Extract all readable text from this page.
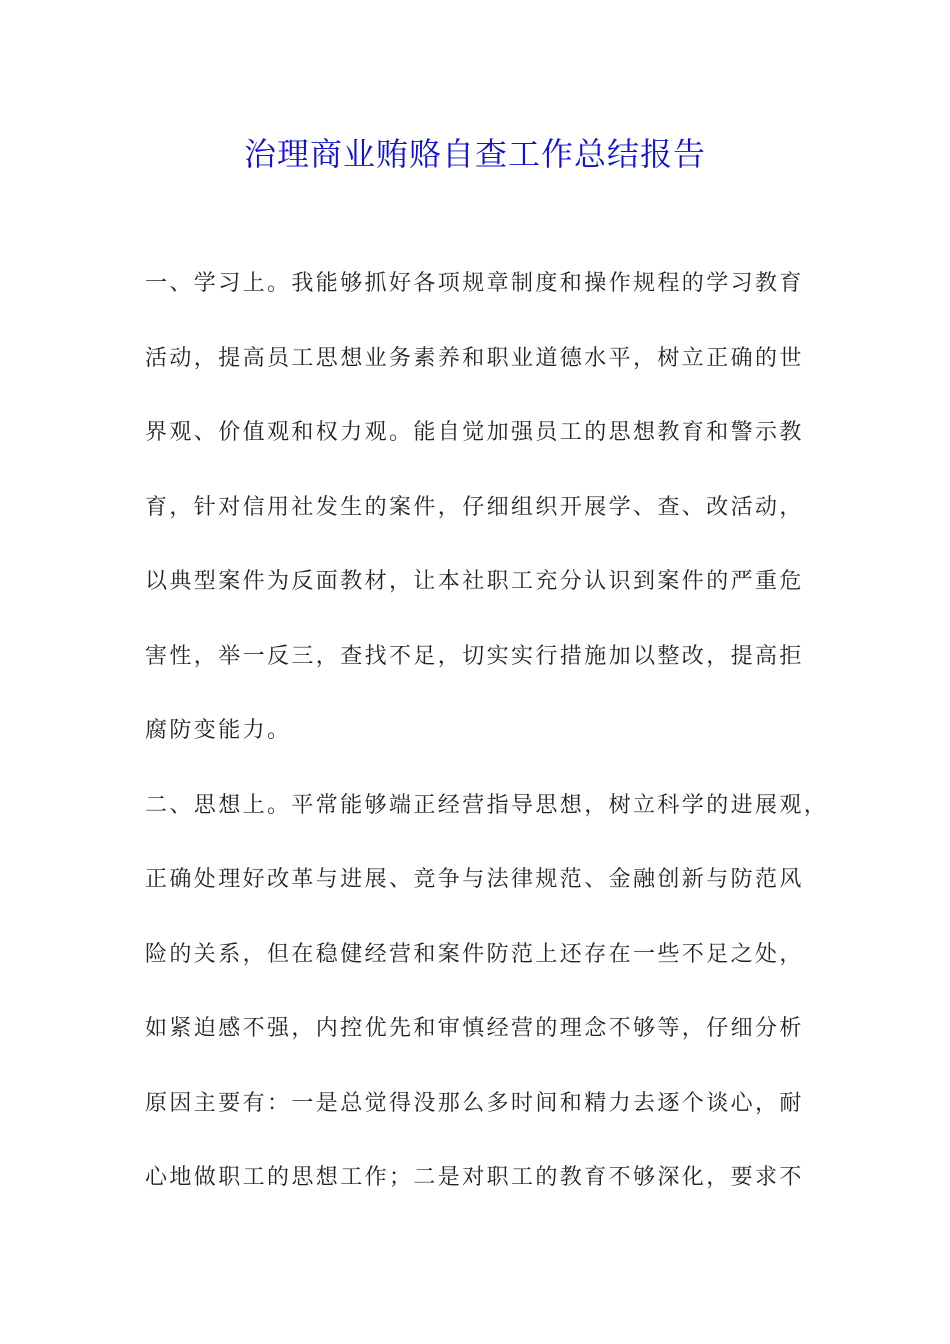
治理商业贿赂自查工作总结报告
一、学习上。我能够抓好各项规章制度和操作规程的学习教育
活动，提高员工思想业务素养和职业道德水平，树立正确的世
界观、价值观和权力观。能自觉加强员工的思想教育和警示教
育，针对信用社发生的案件，仔细组织开展学、查、改活动，
以典型案件为反面教材，让本社职工充分认识到案件的严重危
害性，举一反三，查找不足，切实实行措施加以整改，提高拒
腐防变能力。
二、思想上。平常能够端正经营指导思想，树立科学的进展观，
正确处理好改革与进展、竞争与法律规范、金融创新与防范风
险的关系，但在稳健经营和案件防范上还存在一些不足之处，
如紧迫感不强，内控优先和审慎经营的理念不够等，仔细分析
原因主要有：一是总觉得没那么多时间和精力去逐个谈心，耐
心地做职工的思想工作；二是对职工的教育不够深化，要求不
